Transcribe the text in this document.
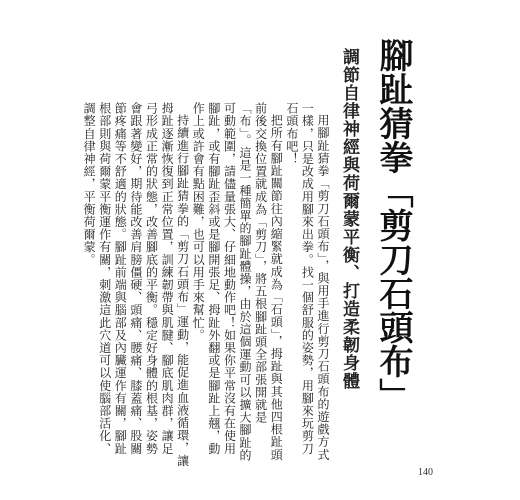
腳趾猜拳「剪刀石頭布」
調節自律神經與荷爾蒙平衡、打造柔韌身體

用腳趾猜拳「剪刀石頭布」，與用手進行剪刀石頭布的遊戲方式一樣，只是改成用腳來出拳。找一個舒服的姿勢，用腳來玩剪刀石頭布吧！

把所有腳趾關節往內縮緊就成為「石頭」，拇趾與其他四根趾頭前後交換位置就成為「剪刀」，將五根腳趾頭全部張開就是「布」。這是一種簡單的腳趾體操，由於這個運動可以擴大腳趾的可動範圍，請儘量張大、仔細地動作吧！如果你平常沒有在使用腳趾，或有腳趾歪斜或是腳開張足、拇趾外翻或是腳趾上翹，動作上或許會有點困難，也可以用手來幫忙。

持續進行腳趾猜拳的「剪刀石頭布」運動，能促進血液循環，讓拇趾逐漸恢復到正常位置，訓練韌帶與肌腱、腳底肌肉群，讓足弓形成正常的狀態，改善腳底的平衡。穩定好身體的根基，姿勢會跟著變好，期待能改善肩膀僵硬、頭痛、腰痛、膝蓋痛、股關節疼痛等不舒適的狀態。腳趾前端與腦部及內臟運作有關，腳趾根部則與荷爾蒙平衡運作有關，刺激這此穴道可以使腦部活化、調整自律神經，平衡荷爾蒙。

140
